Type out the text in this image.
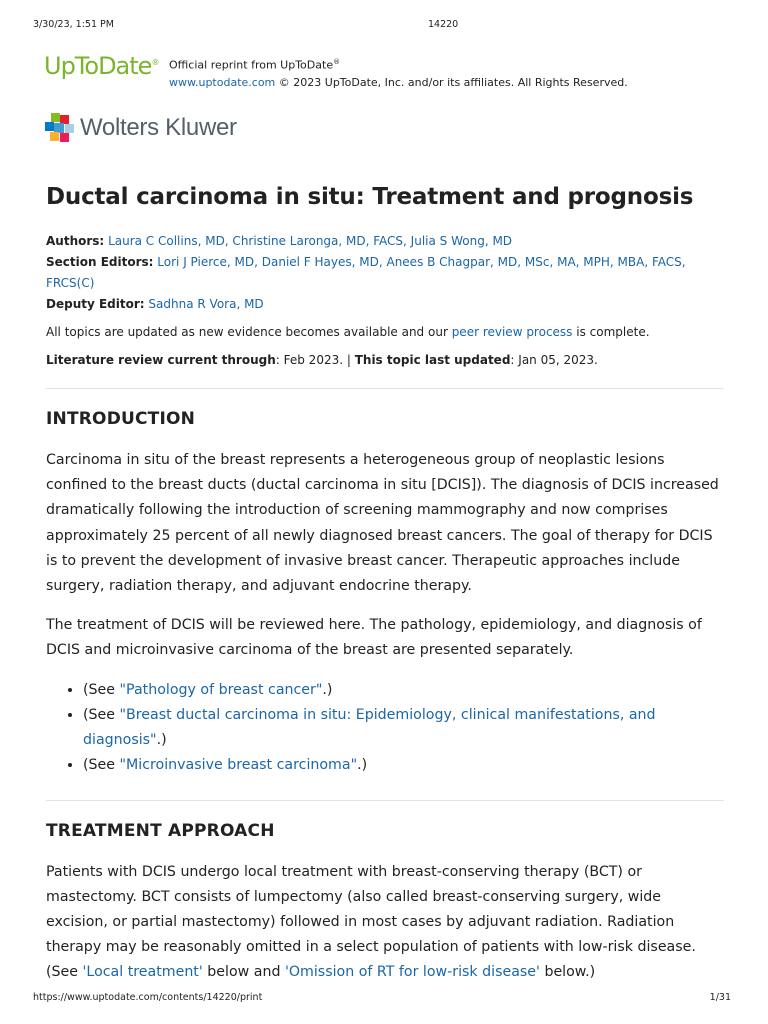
3/30/23, 1:51 PM	14220
UpToDate® Official reprint from UpToDate®
www.uptodate.com © 2023 UpToDate, Inc. and/or its affiliates. All Rights Reserved.
Wolters Kluwer
Ductal carcinoma in situ: Treatment and prognosis

Authors: Laura C Collins, MD, Christine Laronga, MD, FACS, Julia S Wong, MD

Section Editors: Lori J Pierce, MD, Daniel F Hayes, MD, Anees B Chagpar, MD, MSc, MA, MPH, MBA, FACS, FRCS(C)

Deputy Editor: Sadhna R Vora, MD

All topics are updated as new evidence becomes available and our peer review process is complete.

Literature review current through: Feb 2023. | This topic last updated: Jan 05, 2023.

INTRODUCTION

Carcinoma in situ of the breast represents a heterogeneous group of neoplastic lesions confined to the breast ducts (ductal carcinoma in situ [DCIS]). The diagnosis of DCIS increased dramatically following the introduction of screening mammography and now comprises approximately 25 percent of all newly diagnosed breast cancers. The goal of therapy for DCIS is to prevent the development of invasive breast cancer. Therapeutic approaches include surgery, radiation therapy, and adjuvant endocrine therapy.

The treatment of DCIS will be reviewed here. The pathology, epidemiology, and diagnosis of DCIS and microinvasive carcinoma of the breast are presented separately.

• (See "Pathology of breast cancer".)
• (See "Breast ductal carcinoma in situ: Epidemiology, clinical manifestations, and diagnosis".)
• (See "Microinvasive breast carcinoma".)
TREATMENT APPROACH

Patients with DCIS undergo local treatment with breast-conserving therapy (BCT) or mastectomy. BCT consists of lumpectomy (also called breast-conserving surgery, wide excision, or partial mastectomy) followed in most cases by adjuvant radiation. Radiation therapy may be reasonably omitted in a select population of patients with low-risk disease. (See 'Local treatment' below and 'Omission of RT for low-risk disease' below.)

https://www.uptodate.com/contents/14220/print	1/31
